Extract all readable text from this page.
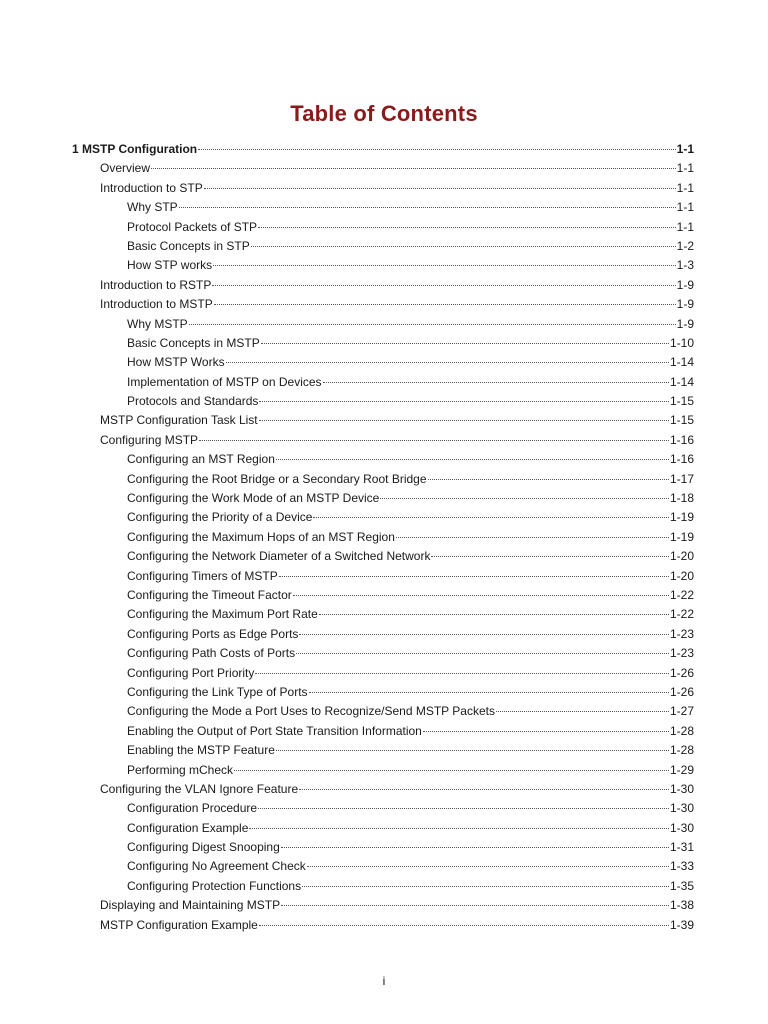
Table of Contents
1 MSTP Configuration	1-1
Overview	1-1
Introduction to STP	1-1
Why STP	1-1
Protocol Packets of STP	1-1
Basic Concepts in STP	1-2
How STP works	1-3
Introduction to RSTP	1-9
Introduction to MSTP	1-9
Why MSTP	1-9
Basic Concepts in MSTP	1-10
How MSTP Works	1-14
Implementation of MSTP on Devices	1-14
Protocols and Standards	1-15
MSTP Configuration Task List	1-15
Configuring MSTP	1-16
Configuring an MST Region	1-16
Configuring the Root Bridge or a Secondary Root Bridge	1-17
Configuring the Work Mode of an MSTP Device	1-18
Configuring the Priority of a Device	1-19
Configuring the Maximum Hops of an MST Region	1-19
Configuring the Network Diameter of a Switched Network	1-20
Configuring Timers of MSTP	1-20
Configuring the Timeout Factor	1-22
Configuring the Maximum Port Rate	1-22
Configuring Ports as Edge Ports	1-23
Configuring Path Costs of Ports	1-23
Configuring Port Priority	1-26
Configuring the Link Type of Ports	1-26
Configuring the Mode a Port Uses to Recognize/Send MSTP Packets	1-27
Enabling the Output of Port State Transition Information	1-28
Enabling the MSTP Feature	1-28
Performing mCheck	1-29
Configuring the VLAN Ignore Feature	1-30
Configuration Procedure	1-30
Configuration Example	1-30
Configuring Digest Snooping	1-31
Configuring No Agreement Check	1-33
Configuring Protection Functions	1-35
Displaying and Maintaining MSTP	1-38
MSTP Configuration Example	1-39
i
